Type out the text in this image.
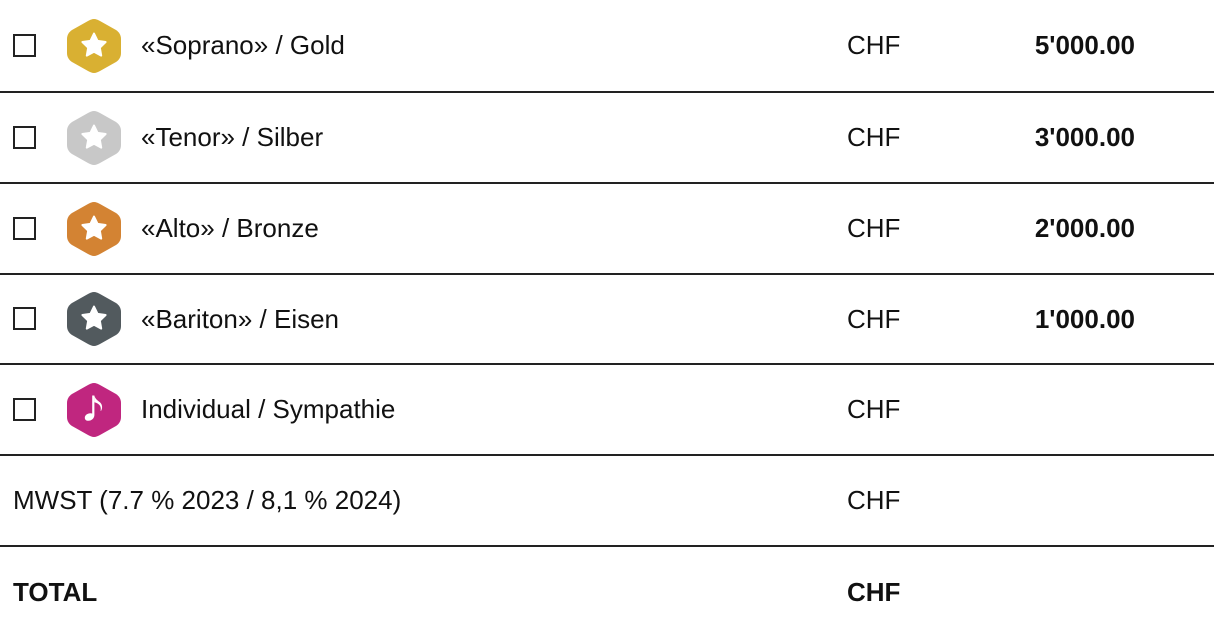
«Soprano» / Gold	CHF	5'000.00
«Tenor» / Silber	CHF	3'000.00
«Alto» / Bronze	CHF	2'000.00
«Bariton» / Eisen	CHF	1'000.00
Individual / Sympathie	CHF
MWST (7.7 % 2023 / 8,1 % 2024)	CHF
TOTAL	CHF
